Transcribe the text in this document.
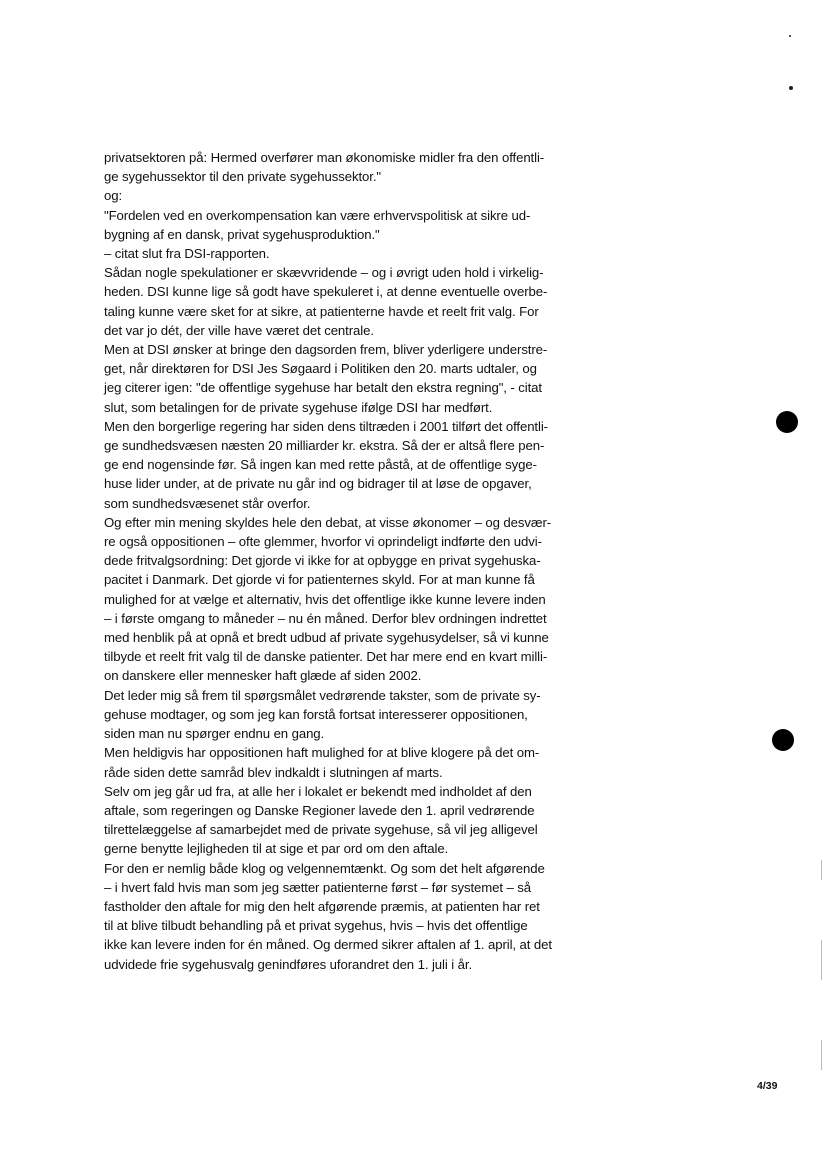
privatsektoren på: Hermed overfører man økonomiske midler fra den offentli-
ge sygehussektor til den private sygehussektor."
og:
"Fordelen ved en overkompensation kan være erhvervspolitisk at sikre ud-
bygning af en dansk, privat sygehusproduktion."
– citat slut fra DSI-rapporten.
Sådan nogle spekulationer er skævvridende – og i øvrigt uden hold i virkelig-
heden. DSI kunne lige så godt have spekuleret i, at denne eventuelle overbe-
taling kunne være sket for at sikre, at patienterne havde et reelt frit valg. For
det var jo dét, der ville have været det centrale.
Men at DSI ønsker at bringe den dagsorden frem, bliver yderligere understre-
get, når direktøren for DSI Jes Søgaard i Politiken den 20. marts udtaler, og
jeg citerer igen: "de offentlige sygehuse har betalt den ekstra regning", - citat
slut, som betalingen for de private sygehuse ifølge DSI har medført.
Men den borgerlige regering har siden dens tiltræden i 2001 tilført det offentli-
ge sundhedsvæsen næsten 20 milliarder kr. ekstra. Så der er altså flere pen-
ge end nogensinde før. Så ingen kan med rette påstå, at de offentlige syge-
huse lider under, at de private nu går ind og bidrager til at løse de opgaver,
som sundhedsvæsenet står overfor.
Og efter min mening skyldes hele den debat, at visse økonomer – og desvær-
re også oppositionen – ofte glemmer, hvorfor vi oprindeligt indførte den udvi-
dede fritvalgsordning: Det gjorde vi ikke for at opbygge en privat sygehuska-
pacitet i Danmark. Det gjorde vi for patienternes skyld. For at man kunne få
mulighed for at vælge et alternativ, hvis det offentlige ikke kunne levere inden
– i første omgang to måneder – nu én måned. Derfor blev ordningen indrettet
med henblik på at opnå et bredt udbud af private sygehusydelser, så vi kunne
tilbyde et reelt frit valg til de danske patienter. Det har mere end en kvart milli-
on danskere eller mennesker haft glæde af siden 2002.
Det leder mig så frem til spørgsmålet vedrørende takster, som de private sy-
gehuse modtager, og som jeg kan forstå fortsat interesserer oppositionen,
siden man nu spørger endnu en gang.
Men heldigvis har oppositionen haft mulighed for at blive klogere på det om-
råde siden dette samråd blev indkaldt i slutningen af marts.
Selv om jeg går ud fra, at alle her i lokalet er bekendt med indholdet af den
aftale, som regeringen og Danske Regioner lavede den 1. april vedrørende
tilrettelæggelse af samarbejdet med de private sygehuse, så vil jeg alligevel
gerne benytte lejligheden til at sige et par ord om den aftale.
For den er nemlig både klog og velgennemtænkt. Og som det helt afgørende
– i hvert fald hvis man som jeg sætter patienterne først – før systemet – så
fastholder den aftale for mig den helt afgørende præmis, at patienten har ret
til at blive tilbudt behandling på et privat sygehus, hvis – hvis det offentlige
ikke kan levere inden for én måned. Og dermed sikrer aftalen af 1. april, at det
udvidede frie sygehusvalg genindføres uforandret den 1. juli i år.
4/39
